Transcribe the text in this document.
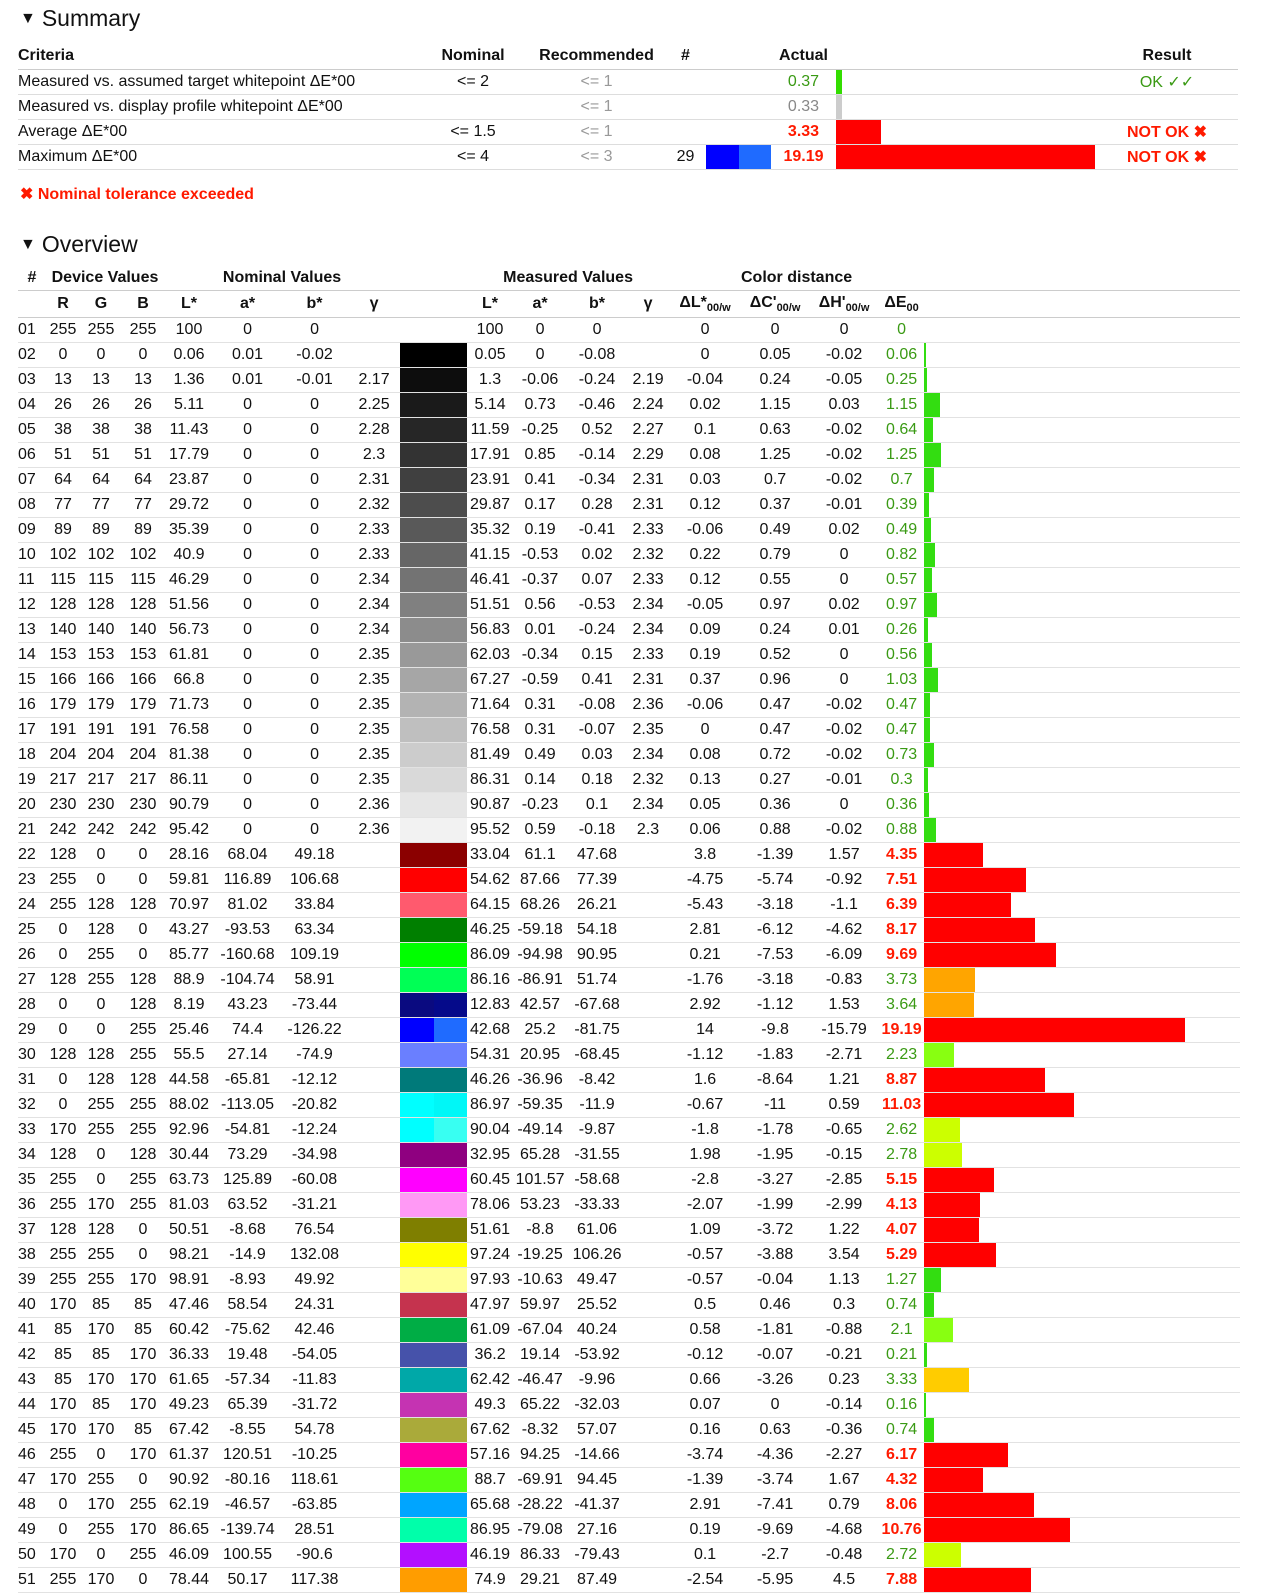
▼ Summary
Criteria	Nominal	Recommended	#		Actual		Result
Measured vs. assumed target whitepoint ΔE*00	<= 2	<= 1			0.37		OK ✓✓
Measured vs. display profile whitepoint ΔE*00		<= 1			0.33	

Average ΔE*00	<= 1.5	<= 1			3.33		NOT OK ✖
Maximum ΔE*00	<= 4	<= 3	29		19.19		NOT OK ✖
✖ Nominal tolerance exceeded
▼ Overview
#	Device Values			Nominal Values					Measured Values				Color distance				
	R	G	B	L*	a*	b*	γ		L*	a*	b*	γ	$\Delta L*_{00/w}$	$\Delta C'_{00/w}$	$\Delta H'_{00/w}$	$\Delta E_{00}$	
01	255	255	255	100	0	0			100	0	0		0	0	0	0	
02	0	0	0	0.06	0.01	-0.02			0.05	0	-0.08		0	0.05	-0.02	0.06	

03	13	13	13	1.36	0.01	-0.01	2.17		1.3	-0.06	-0.24	2.19	-0.04	0.24	-0.05	0.25	

04	26	26	26	5.11	0	0	2.25		5.14	0.73	-0.46	2.24	0.02	1.15	0.03	1.15	

05	38	38	38	11.43	0	0	2.28		11.59	-0.25	0.52	2.27	0.1	0.63	-0.02	0.64	

06	51	51	51	17.79	0	0	2.3		17.91	0.85	-0.14	2.29	0.08	1.25	-0.02	1.25	

07	64	64	64	23.87	0	0	2.31		23.91	0.41	-0.34	2.31	0.03	0.7	-0.02	0.7	

08	77	77	77	29.72	0	0	2.32		29.87	0.17	0.28	2.31	0.12	0.37	-0.01	0.39	

09	89	89	89	35.39	0	0	2.33		35.32	0.19	-0.41	2.33	-0.06	0.49	0.02	0.49	

10	102	102	102	40.9	0	0	2.33		41.15	-0.53	0.02	2.32	0.22	0.79	0	0.82	

11	115	115	115	46.29	0	0	2.34		46.41	-0.37	0.07	2.33	0.12	0.55	0	0.57	

12	128	128	128	51.56	0	0	2.34		51.51	0.56	-0.53	2.34	-0.05	0.97	0.02	0.97	

13	140	140	140	56.73	0	0	2.34		56.83	0.01	-0.24	2.34	0.09	0.24	0.01	0.26	

14	153	153	153	61.81	0	0	2.35		62.03	-0.34	0.15	2.33	0.19	0.52	0	0.56	

15	166	166	166	66.8	0	0	2.35		67.27	-0.59	0.41	2.31	0.37	0.96	0	1.03	

16	179	179	179	71.73	0	0	2.35		71.64	0.31	-0.08	2.36	-0.06	0.47	-0.02	0.47	

17	191	191	191	76.58	0	0	2.35		76.58	0.31	-0.07	2.35	0	0.47	-0.02	0.47	

18	204	204	204	81.38	0	0	2.35		81.49	0.49	0.03	2.34	0.08	0.72	-0.02	0.73	

19	217	217	217	86.11	0	0	2.35		86.31	0.14	0.18	2.32	0.13	0.27	-0.01	0.3	

20	230	230	230	90.79	0	0	2.36		90.87	-0.23	0.1	2.34	0.05	0.36	0	0.36	

21	242	242	242	95.42	0	0	2.36		95.52	0.59	-0.18	2.3	0.06	0.88	-0.02	0.88	

22	128	0	0	28.16	68.04	49.18			33.04	61.1	47.68		3.8	-1.39	1.57	4.35	

23	255	0	0	59.81	116.89	106.68			54.62	87.66	77.39		-4.75	-5.74	-0.92	7.51	

24	255	128	128	70.97	81.02	33.84			64.15	68.26	26.21		-5.43	-3.18	-1.1	6.39	

25	0	128	0	43.27	-93.53	63.34			46.25	-59.18	54.18		2.81	-6.12	-4.62	8.17	

26	0	255	0	85.77	-160.68	109.19			86.09	-94.98	90.95		0.21	-7.53	-6.09	9.69	

27	128	255	128	88.9	-104.74	58.91			86.16	-86.91	51.74		-1.76	-3.18	-0.83	3.73	

28	0	0	128	8.19	43.23	-73.44			12.83	42.57	-67.68		2.92	-1.12	1.53	3.64	

29	0	0	255	25.46	74.4	-126.22			42.68	25.2	-81.75		14	-9.8	-15.79	19.19	

30	128	128	255	55.5	27.14	-74.9			54.31	20.95	-68.45		-1.12	-1.83	-2.71	2.23	

31	0	128	128	44.58	-65.81	-12.12			46.26	-36.96	-8.42		1.6	-8.64	1.21	8.87	

32	0	255	255	88.02	-113.05	-20.82			86.97	-59.35	-11.9		-0.67	-11	0.59	11.03	

33	170	255	255	92.96	-54.81	-12.24			90.04	-49.14	-9.87		-1.8	-1.78	-0.65	2.62	

34	128	0	128	30.44	73.29	-34.98			32.95	65.28	-31.55		1.98	-1.95	-0.15	2.78	

35	255	0	255	63.73	125.89	-60.08			60.45	101.57	-58.68		-2.8	-3.27	-2.85	5.15	

36	255	170	255	81.03	63.52	-31.21			78.06	53.23	-33.33		-2.07	-1.99	-2.99	4.13	

37	128	128	0	50.51	-8.68	76.54			51.61	-8.8	61.06		1.09	-3.72	1.22	4.07	

38	255	255	0	98.21	-14.9	132.08			97.24	-19.25	106.26		-0.57	-3.88	3.54	5.29	

39	255	255	170	98.91	-8.93	49.92			97.93	-10.63	49.47		-0.57	-0.04	1.13	1.27	

40	170	85	85	47.46	58.54	24.31			47.97	59.97	25.52		0.5	0.46	0.3	0.74	

41	85	170	85	60.42	-75.62	42.46			61.09	-67.04	40.24		0.58	-1.81	-0.88	2.1	

42	85	85	170	36.33	19.48	-54.05			36.2	19.14	-53.92		-0.12	-0.07	-0.21	0.21	

43	85	170	170	61.65	-57.34	-11.83			62.42	-46.47	-9.96		0.66	-3.26	0.23	3.33	

44	170	85	170	49.23	65.39	-31.72			49.3	65.22	-32.03		0.07	0	-0.14	0.16	

45	170	170	85	67.42	-8.55	54.78			67.62	-8.32	57.07		0.16	0.63	-0.36	0.74	

46	255	0	170	61.37	120.51	-10.25			57.16	94.25	-14.66		-3.74	-4.36	-2.27	6.17	

47	170	255	0	90.92	-80.16	118.61			88.7	-69.91	94.45		-1.39	-3.74	1.67	4.32	

48	0	170	255	62.19	-46.57	-63.85			65.68	-28.22	-41.37		2.91	-7.41	0.79	8.06	

49	0	255	170	86.65	-139.74	28.51			86.95	-79.08	27.16		0.19	-9.69	-4.68	10.76	

50	170	0	255	46.09	100.55	-90.6			46.19	86.33	-79.43		0.1	-2.7	-0.48	2.72	

51	255	170	0	78.44	50.17	117.38			74.9	29.21	87.49		-2.54	-5.95	4.5	7.88	
